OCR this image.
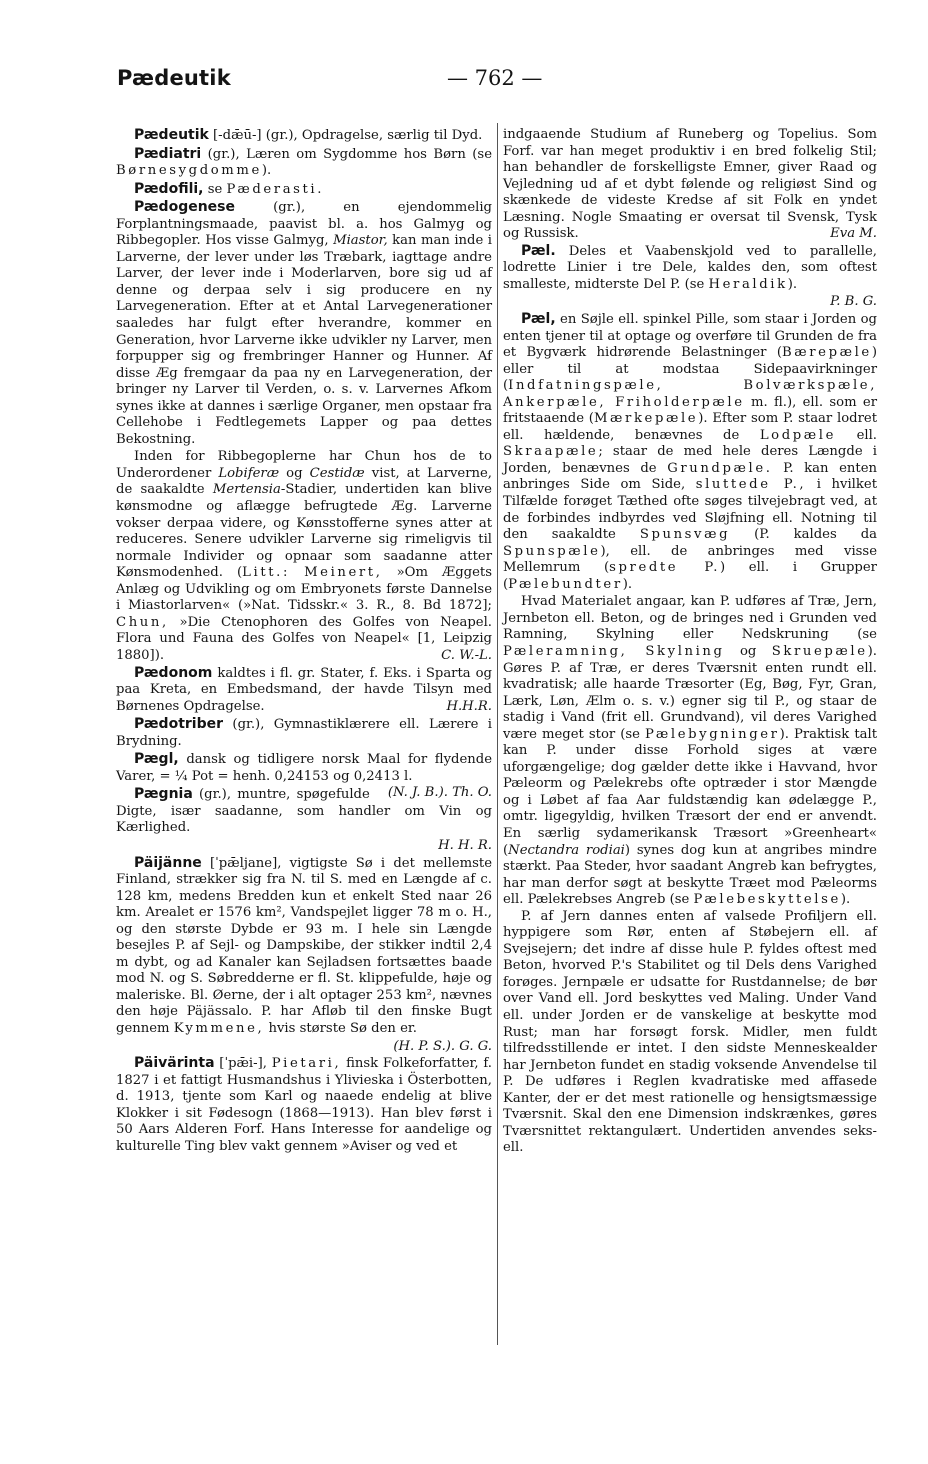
Pædeutik	— 762 —

Pædeutik [-dǣū-] (gr.), Opdragelse, særlig til Dyd.

Pædiatri (gr.), Læren om Sygdomme hos Børn (se Børnesygdomme).

Pædofili, se Pæderasti.

Pædogenese (gr.), en ejendommelig Forplantningsmaade, paavist bl. a. hos Galmyg og Ribbegopler. Hos visse Galmyg, Miastor, kan man inde i Larverne, der lever under løs Træbark, iagttage andre Larver, der lever inde i Moderlarven, bore sig ud af denne og derpaa selv i sig producere en ny Larvegeneration. Efter at et Antal Larvegenerationer saaledes har fulgt efter hverandre, kommer en Generation, hvor Larverne ikke udvikler ny Larver, men forpupper sig og frembringer Hanner og Hunner. Af disse Æg fremgaar da paa ny en Larvegeneration, der bringer ny Larver til Verden, o. s. v. Larvernes Afkom synes ikke at dannes i særlige Organer, men opstaar fra Cellehobe i Fedtlegemets Lapper og paa dettes Bekostning.

Inden for Ribbegoplerne har Chun hos de to Underordener Lobiferæ og Cestidæ vist, at Larverne, de saakaldte Mertensia-Stadier, undertiden kan blive kønsmodne og aflægge befrugtede Æg. Larverne vokser derpaa videre, og Kønsstofferne synes atter at reduceres. Senere udvikler Larverne sig rimeligvis til normale Individer og opnaar som saadanne atter Kønsmodenhed. (Litt.: Meinert, »Om Æggets Anlæg og Udvikling og om Embryonets første Dannelse i Miastorlarven« (»Nat. Tidsskr.« 3. R., 8. Bd 1872]; Chun, »Die Ctenophoren des Golfes von Neapel. Flora und Fauna des Golfes von Neapel« [1, Leipzig 1880]).	C. W.-L.

Pædonom kaldtes i fl. gr. Stater, f. Eks. i Sparta og paa Kreta, en Embedsmand, der havde Tilsyn med Børnenes Opdragelse.	H.H.R.

Pædotriber (gr.), Gymnastiklærere ell. Lærere i Brydning.

Pægl, dansk og tidligere norsk Maal for flydende Varer, = ¼ Pot = henh. 0,24153 og 0,2413 l.
(N. J. B.). Th. O.

Pægnia (gr.), muntre, spøgefulde Digte, især saadanne, som handler om Vin og Kærlighed.

H. H. R.

Päijänne [ˈpǣljane], vigtigste Sø i det mellemste Finland, strækker sig fra N. til S. med en Længde af c. 128 km, medens Bredden kun et enkelt Sted naar 26 km. Arealet er 1576 km², Vandspejlet ligger 78 m o. H., og den største Dybde er 93 m. I hele sin Længde besejles P. af Sejl- og Dampskibe, der stikker indtil 2,4 m dybt, og ad Kanaler kan Sejladsen fortsættes baade mod N. og S. Søbredderne er fl. St. klippefulde, høje og maleriske. Bl. Øerne, der i alt optager 253 km², nævnes den høje Päjässalo. P. har Afløb til den finske Bugt gennem Kymmene, hvis største Sø den er.

(H. P. S.). G. G.

Päivärinta [ˈpǣi-], Pietari, finsk Folkeforfatter, f. 1827 i et fattigt Husmandshus i Ylivieska i Österbotten, d. 1913, tjente som Karl og naaede endelig at blive Klokker i sit Fødesogn (1868—1913). Han blev først i 50 Aars Alderen Forf. Hans Interesse for aandelige og kulturelle Ting blev vakt gennem »Aviser og ved et

indgaaende Studium af Runeberg og Topelius. Som Forf. var han meget produktiv i en bred folkelig Stil; han behandler de forskelligste Emner, giver Raad og Vejledning ud af et dybt følende og religiøst Sind og skænkede de videste Kredse af sit Folk en yndet Læsning. Nogle Smaating er oversat til Svensk, Tysk og Russisk.	Eva M.

Pæl. Deles et Vaabenskjold ved to parallelle, lodrette Linier i tre Dele, kaldes den, som oftest smalleste, midterste Del P. (se Heraldik).

P. B. G.

Pæl, en Søjle ell. spinkel Pille, som staar i Jorden og enten tjener til at optage og overføre til Grunden de fra et Bygværk hidrørende Belastninger (Bærepæle) eller til at modstaa Sidepaavirkninger (Indfatningspæle, Bolværkspæle, Ankerpæle, Friholderpæle m. fl.), ell. som er fritstaaende (Mærkepæle). Efter som P. staar lodret ell. hældende, benævnes de Lodpæle ell. Skraapæle; staar de med hele deres Længde i Jorden, benævnes de Grundpæle. P. kan enten anbringes Side om Side, sluttede P., i hvilket Tilfælde forøget Tæthed ofte søges tilvejebragt ved, at de forbindes indbyrdes ved Sløjfning ell. Notning til den saakaldte Spunsvæg (P. kaldes da Spunspæle), ell. de anbringes med visse Mellemrum (spredte P.) ell. i Grupper (Pælebundter).

Hvad Materialet angaar, kan P. udføres af Træ, Jern, Jernbeton ell. Beton, og de bringes ned i Grunden ved Ramning, Skylning eller Nedskruning (se Pæleramning, Skylning og Skruepæle). Gøres P. af Træ, er deres Tværsnit enten rundt ell. kvadratisk; alle haarde Træsorter (Eg, Bøg, Fyr, Gran, Lærk, Løn, Ælm o. s. v.) egner sig til P., og staar de stadig i Vand (frit ell. Grundvand), vil deres Varighed være meget stor (se Pælebygninger). Praktisk talt kan P. under disse Forhold siges at være uforgængelige; dog gælder dette ikke i Havvand, hvor Pæleorm og Pælekrebs ofte optræder i stor Mængde og i Løbet af faa Aar fuldstændig kan ødelægge P., omtr. ligegyldig, hvilken Træsort der end er anvendt. En særlig sydamerikansk Træsort »Greenheart« (Nectandra rodiai) synes dog kun at angribes mindre stærkt. Paa Steder, hvor saadant Angreb kan befrygtes, har man derfor søgt at beskytte Træet mod Pæleorms ell. Pælekrebses Angreb (se Pælebeskyttelse).

P. af Jern dannes enten af valsede Profiljern ell. hyppigere som Rør, enten af Støbejern ell. af Svejsejern; det indre af disse hule P. fyldes oftest med Beton, hvorved P.'s Stabilitet og til Dels dens Varighed forøges. Jernpæle er udsatte for Rustdannelse; de bør over Vand ell. Jord beskyttes ved Maling. Under Vand ell. under Jorden er de vanskelige at beskytte mod Rust; man har forsøgt forsk. Midler, men fuldt tilfredsstillende er intet. I den sidste Menneskealder har Jernbeton fundet en stadig voksende Anvendelse til P. De udføres i Reglen kvadratiske med affasede Kanter, der er det mest rationelle og hensigtsmæssige Tværsnit. Skal den ene Dimension indskrænkes, gøres Tværsnittet rektangulært. Undertiden anvendes seks- ell.
